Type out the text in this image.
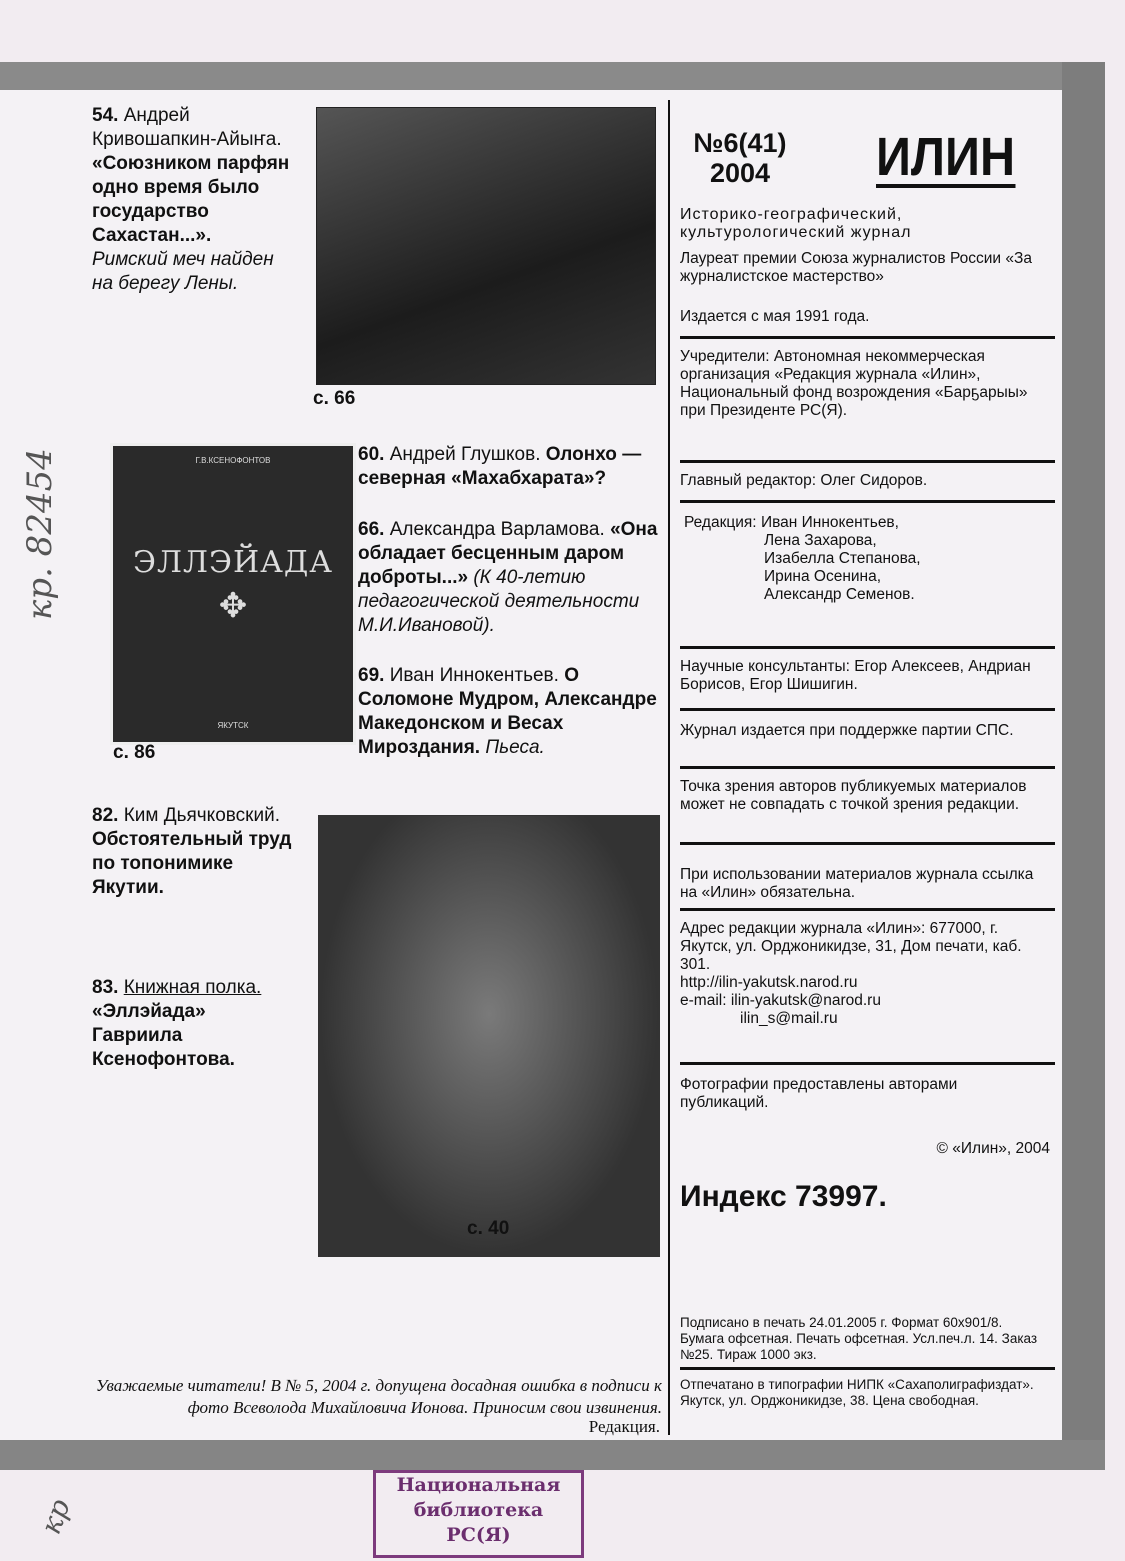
54. Андрей Кривошапкин-Айыҥа.

«Союзником парфян одно время было государство Сахастан...».
Римский меч найден на берегу Лены.
60. Андрей Глушков. Олонхо — северная «Махабхарата»?
66. Александра Варламова. «Она обладает бесценным даром доброты...» (К 40-летию педагогической деятельности М.И.Ивановой).
69. Иван Иннокентьев. О Соломоне Мудром, Александре Македонском и Весах Мироздания. Пьеса.
82. Ким Дьячковский. Обстоятельный труд по топонимике Якутии.
83. Книжная полка. «Эллэйада» Гавриила Ксенофонтова.
с. 66
Г.В.КСЕНОФОНТОВ
ЭЛЛЭЙАДА
✥
ЯКУТСК
с. 86
с. 40
Уважаемые читатели! В № 5, 2004 г. допущена досадная ошибка в подписи к фото Всеволода Михайловича Ионова. Приносим свои извинения.
Редакция.
№6(41)
2004	ИЛИН
Историко-географический, культурологический журнал
Лауреат премии Союза журналистов России «За журналистское мастерство»
Издается с мая 1991 года.
Учредители: Автономная некоммерческая организация «Редакция журнала «Илин», Национальный фонд возрождения «Барҕарыы» при Президенте РС(Я).
Главный редактор: Олег Сидоров.
Редакция: Иван Иннокентьев,
Лена Захарова,
Изабелла Степанова,
Ирина Осенина,
Александр Семенов.
Научные консультанты: Егор Алексеев, Андриан Борисов, Егор Шишигин.
Журнал издается при поддержке партии СПС.
Точка зрения авторов публикуемых материалов может не совпадать с точкой зрения редакции.
При использовании материалов журнала ссылка на «Илин» обязательна.
Адрес редакции журнала «Илин»: 677000, г. Якутск, ул. Орджоникидзе, 31, Дом печати, каб. 301.
http://ilin-yakutsk.narod.ru
e-mail: ilin-yakutsk@narod.ru
ilin_s@mail.ru
Фотографии предоставлены авторами публикаций.
© «Илин», 2004
Индекс 73997.
Подписано в печать 24.01.2005 г. Формат 60х901/8. Бумага офсетная. Печать офсетная. Усл.печ.л. 14. Заказ №25. Тираж 1000 экз.
Отпечатано в типографии НИПК «Сахаполиграфиздат». Якутск, ул. Орджоникидзе, 38. Цена свободная.
Национальная
библиотека
РС(Я)
кр. 82454
кр
